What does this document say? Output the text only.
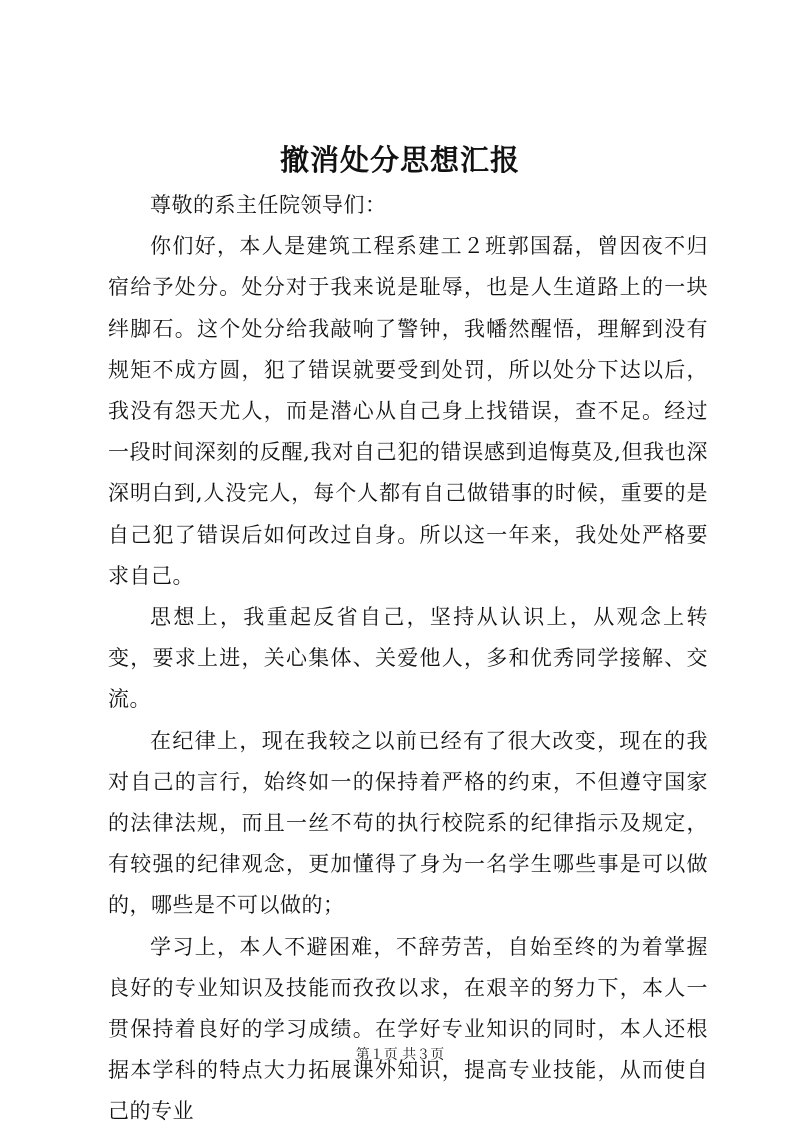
撤消处分思想汇报

尊敬的系主任院领导们：

你们好，本人是建筑工程系建工２班郭国磊，曾因夜不归宿给予处分。处分对于我来说是耻辱，也是人生道路上的一块绊脚石。这个处分给我敲响了警钟，我幡然醒悟，理解到没有规矩不成方圆，犯了错误就要受到处罚，所以处分下达以后，我没有怨天尤人，而是潜心从自己身上找错误，查不足。经过一段时间深刻的反醒,我对自己犯的错误感到追悔莫及,但我也深深明白到,人没完人，每个人都有自己做错事的时候，重要的是自己犯了错误后如何改过自身。所以这一年来，我处处严格要求自己。

思想上，我重起反省自己，坚持从认识上，从观念上转变，要求上进，关心集体、关爱他人，多和优秀同学接解、交流。

在纪律上，现在我较之以前已经有了很大改变，现在的我对自己的言行，始终如一的保持着严格的约束，不但遵守国家的法律法规，而且一丝不苟的执行校院系的纪律指示及规定，有较强的纪律观念，更加懂得了身为一名学生哪些事是可以做的，哪些是不可以做的；

学习上，本人不避困难，不辞劳苦，自始至终的为着掌握良好的专业知识及技能而孜孜以求，在艰辛的努力下，本人一贯保持着良好的学习成绩。在学好专业知识的同时，本人还根据本学科的特点大力拓展课外知识，提高专业技能，从而使自己的专业

第１页 共３页
